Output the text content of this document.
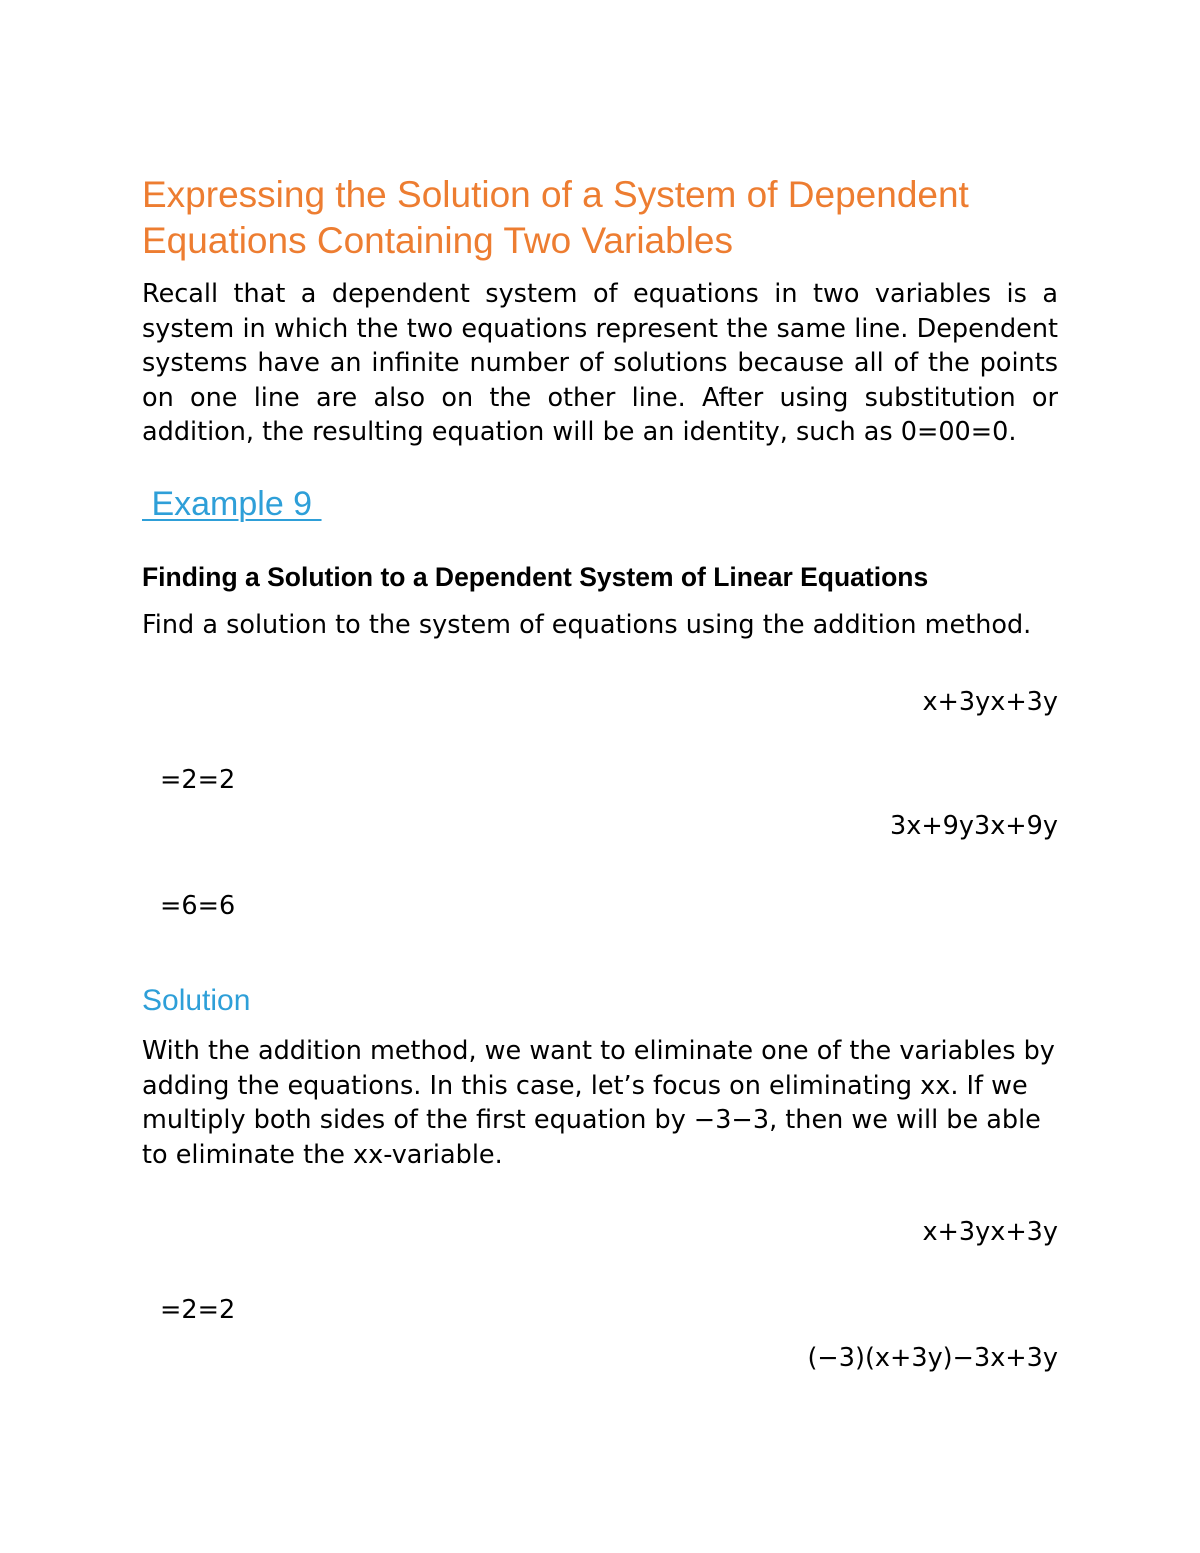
Expressing the Solution of a System of Dependent Equations Containing Two Variables

Recall that a dependent system of equations in two variables is a system in which the two equations represent the same line. Dependent systems have an infinite number of solutions because all of the points on one line are also on the other line. After using substitution or addition, the resulting equation will be an identity, such as 0=00=0.

Example 9
Finding a Solution to a Dependent System of Linear Equations

Find a solution to the system of equations using the addition method.

x+3yx+3y
=2=2
3x+9y3x+9y
=6=6
Solution

With the addition method, we want to eliminate one of the variables by adding the equations. In this case, let’s focus on eliminating xx. If we multiply both sides of the first equation by −3−3, then we will be able to eliminate the xx-variable.

x+3yx+3y
=2=2
(−3)(x+3y)−3x+3y
